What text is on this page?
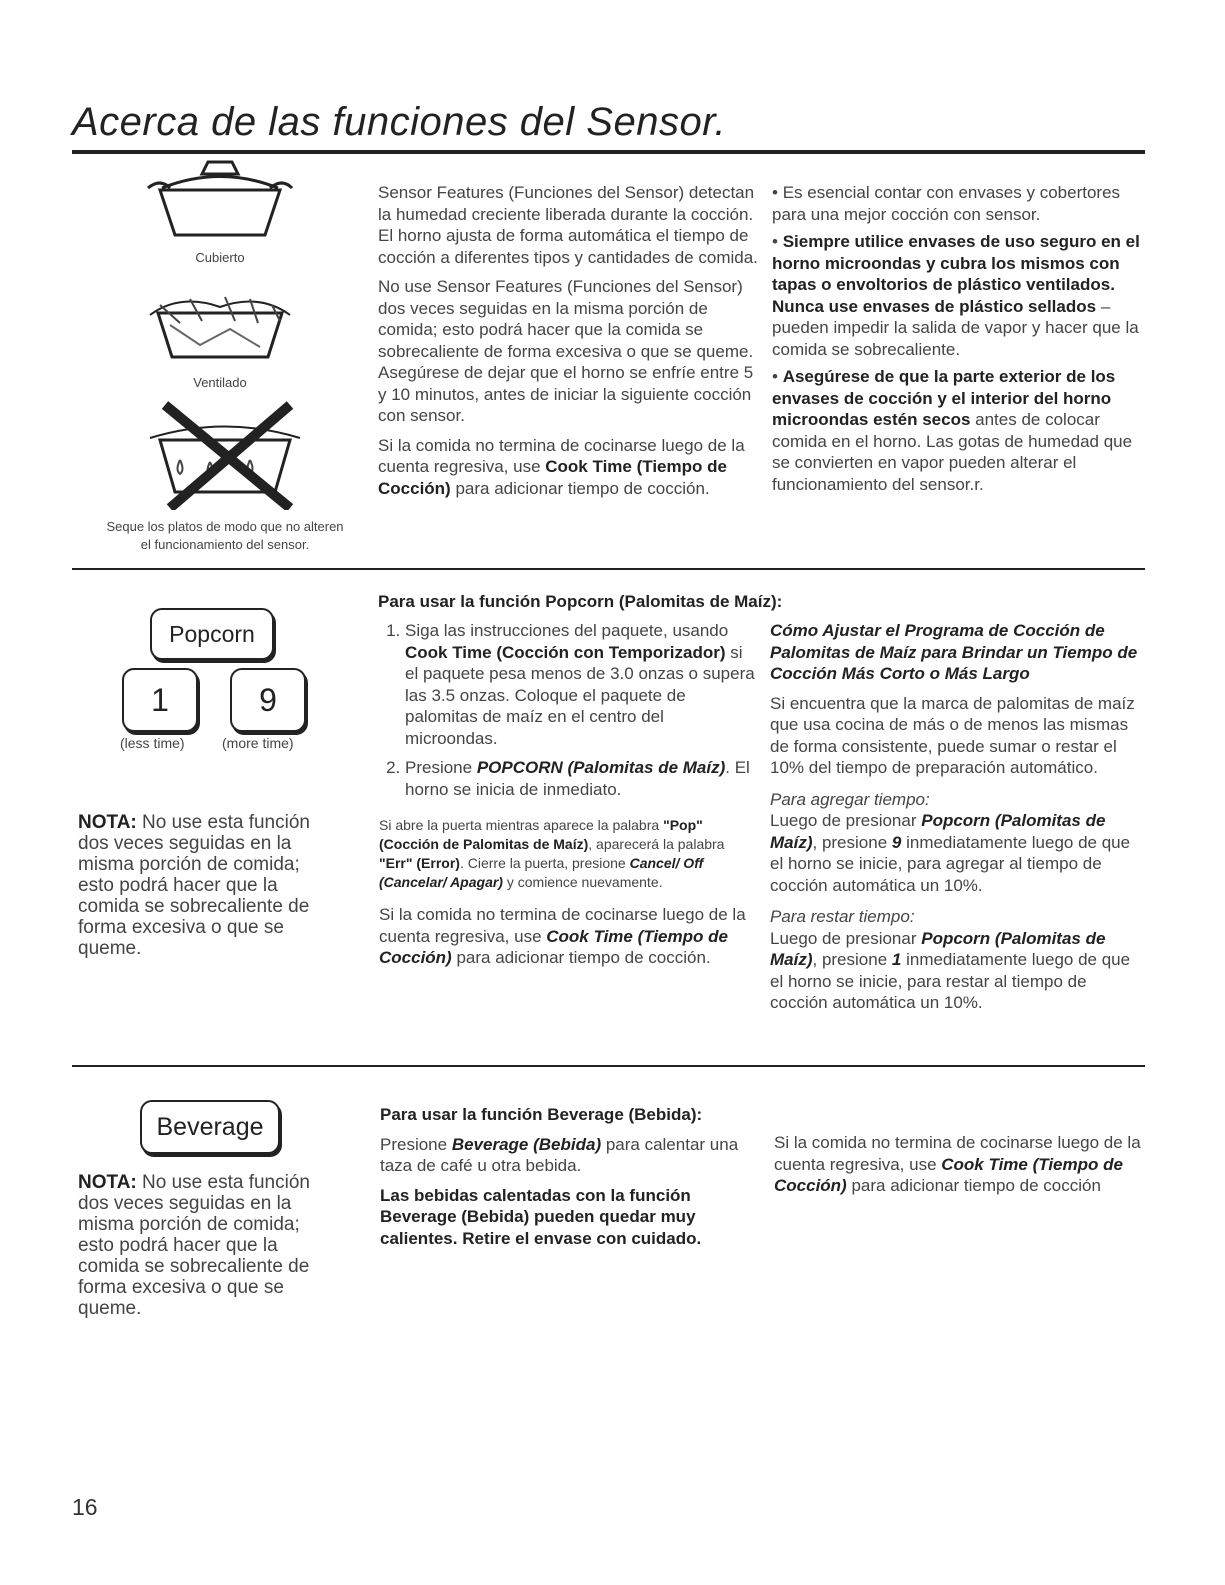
Acerca de las funciones del Sensor.
Cubierto
Ventilado
Seque los platos de modo que no alteren el funcionamiento del sensor.

Sensor Features (Funciones del Sensor) detectan la humedad creciente liberada durante la cocción. El horno ajusta de forma automática el tiempo de cocción a diferentes tipos y cantidades de comida.

No use Sensor Features (Funciones del Sensor) dos veces seguidas en la misma porción de comida; esto podrá hacer que la comida se sobrecaliente de forma excesiva o que se queme. Asegúrese de dejar que el horno se enfríe entre 5 y 10 minutos, antes de iniciar la siguiente cocción con sensor.

Si la comida no termina de cocinarse luego de la cuenta regresiva, use Cook Time (Tiempo de Cocción) para adicionar tiempo de cocción.

• Es esencial contar con envases y cobertores para una mejor cocción con sensor.

• Siempre utilice envases de uso seguro en el horno microondas y cubra los mismos con tapas o envoltorios de plástico ventilados. Nunca use envases de plástico sellados – pueden impedir la salida de vapor y hacer que la comida se sobrecaliente.

• Asegúrese de que la parte exterior de los envases de cocción y el interior del horno microondas estén secos antes de colocar comida en el horno. Las gotas de humedad que se convierten en vapor pueden alterar el funcionamiento del sensor.r.

Popcorn
1	9
(less time)	(more time)
NOTA: No use esta función dos veces seguidas en la misma porción de comida; esto podrá hacer que la comida se sobrecaliente de forma excesiva o que se queme.

Para usar la función Popcorn (Palomitas de Maíz):

1. Siga las instrucciones del paquete, usando Cook Time (Cocción con Temporizador) si el paquete pesa menos de 3.0 onzas o supera las 3.5 onzas. Coloque el paquete de palomitas de maíz en el centro del microondas.
2. Presione POPCORN (Palomitas de Maíz). El horno se inicia de inmediato.

Si abre la puerta mientras aparece la palabra "Pop" (Cocción de Palomitas de Maíz), aparecerá la palabra "Err" (Error). Cierre la puerta, presione Cancel/ Off (Cancelar/ Apagar) y comience nuevamente.

Si la comida no termina de cocinarse luego de la cuenta regresiva, use Cook Time (Tiempo de Cocción) para adicionar tiempo de cocción.

Cómo Ajustar el Programa de Cocción de Palomitas de Maíz para Brindar un Tiempo de Cocción Más Corto o Más Largo

Si encuentra que la marca de palomitas de maíz que usa cocina de más o de menos las mismas de forma consistente, puede sumar o restar el 10% del tiempo de preparación automático.

Para agregar tiempo:

Luego de presionar Popcorn (Palomitas de Maíz), presione 9 inmediatamente luego de que el horno se inicie, para agregar al tiempo de cocción automática un 10%.

Para restar tiempo:

Luego de presionar Popcorn (Palomitas de Maíz), presione 1 inmediatamente luego de que el horno se inicie, para restar al tiempo de cocción automática un 10%.

Beverage
NOTA: No use esta función dos veces seguidas en la misma porción de comida; esto podrá hacer que la comida se sobrecaliente de forma excesiva o que se queme.

Para usar la función Beverage (Bebida):

Presione Beverage (Bebida) para calentar una taza de café u otra bebida.

Las bebidas calentadas con la función Beverage (Bebida) pueden quedar muy calientes. Retire el envase con cuidado.

Si la comida no termina de cocinarse luego de la cuenta regresiva, use Cook Time (Tiempo de Cocción) para adicionar tiempo de cocción

16
